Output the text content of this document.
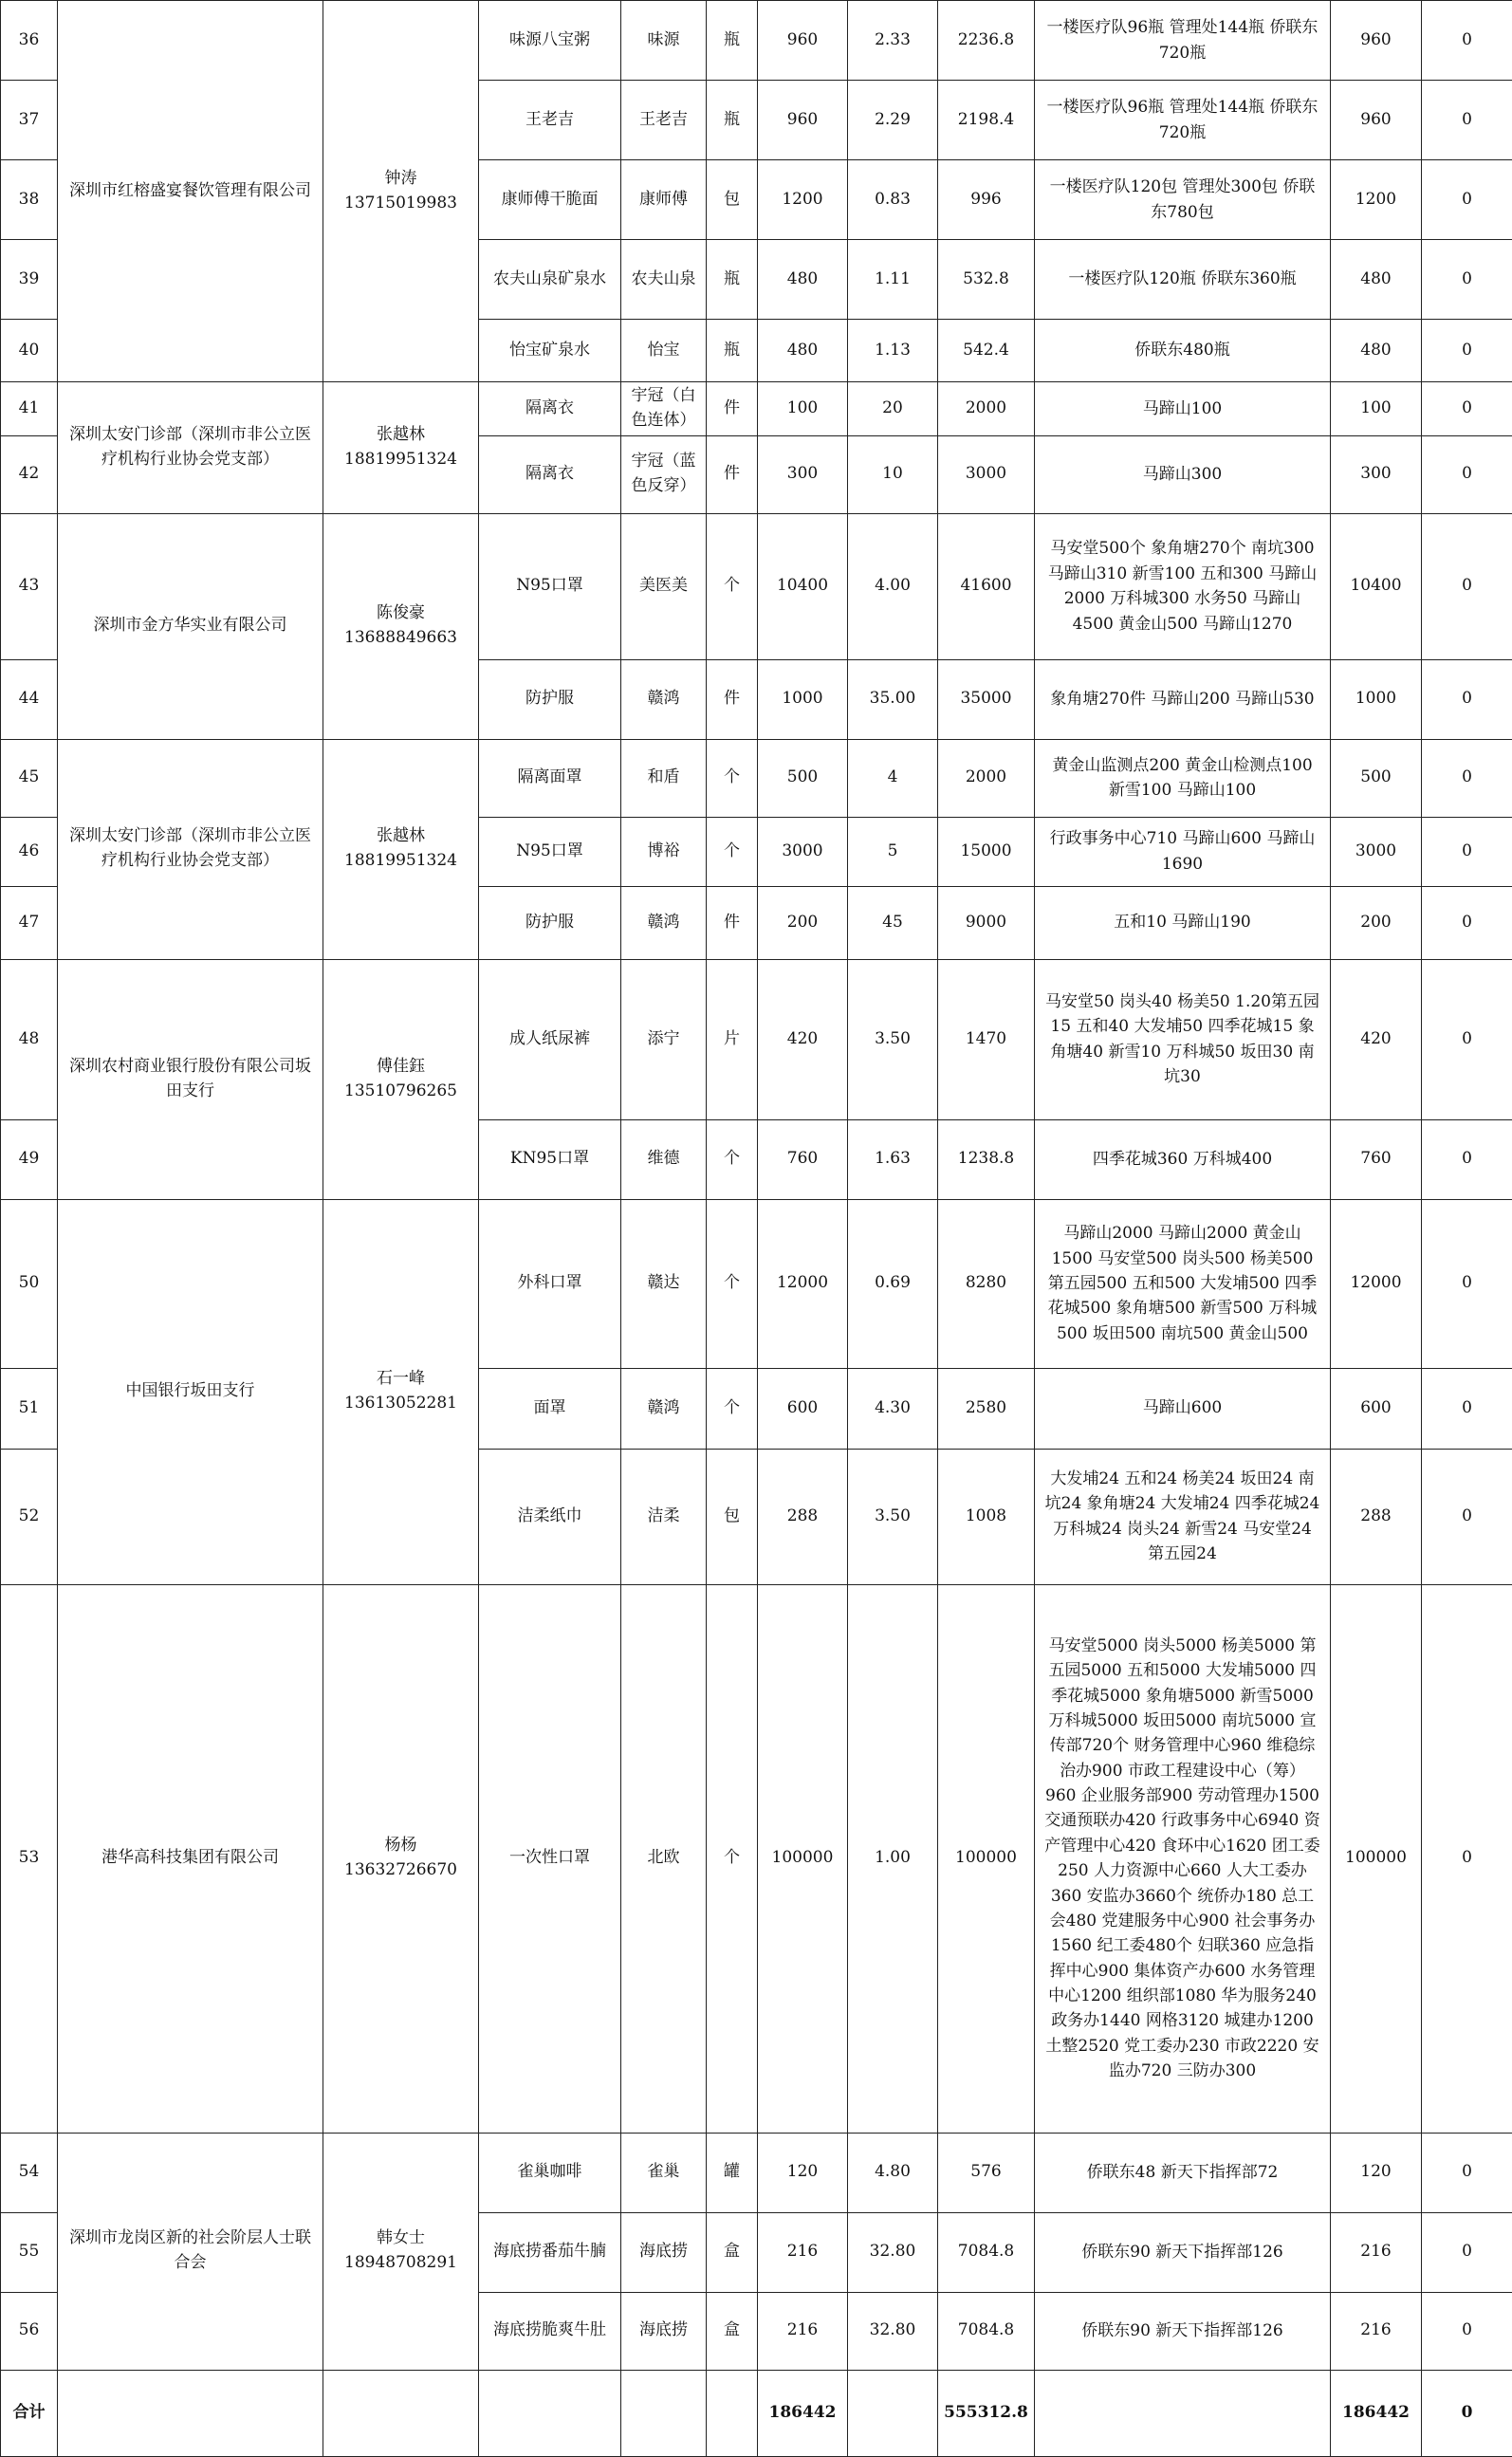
36	深圳市红榕盛宴餐饮管理有限公司	钟涛 13715019983	味源八宝粥	味源	瓶	960	2.33	2236.8	一楼医疗队96瓶 管理处144瓶 侨联东720瓶	960	0
37			王老吉	王老吉	瓶	960	2.29	2198.4	一楼医疗队96瓶 管理处144瓶 侨联东720瓶	960	0
38			康师傅干脆面	康师傅	包	1200	0.83	996	一楼医疗队120包 管理处300包 侨联东780包	1200	0
39			农夫山泉矿泉水	农夫山泉	瓶	480	1.11	532.8	一楼医疗队120瓶 侨联东360瓶	480	0
40			怡宝矿泉水	怡宝	瓶	480	1.13	542.4	侨联东480瓶	480	0
41	深圳太安门诊部（深圳市非公立医疗机构行业协会党支部）	张越林 18819951324	隔离衣	宇冠（白色连体）	件	100	20	2000	马蹄山100	100	0
42			隔离衣	宇冠（蓝色反穿）	件	300	10	3000	马蹄山300	300	0
43	深圳市金方华实业有限公司	陈俊豪 13688849663	N95口罩	美医美	个	10400	4.00	41600	马安堂500个 象角塘270个 南坑300马蹄山310 新雪100 五和300 马蹄山2000 万科城300 水务50 马蹄山4500 黄金山500 马蹄山1270	10400	0
44			防护服	赣鸿	件	1000	35.00	35000	象角塘270件 马蹄山200 马蹄山530	1000	0
45	深圳太安门诊部（深圳市非公立医疗机构行业协会党支部）	张越林 18819951324	隔离面罩	和盾	个	500	4	2000	黄金山监测点200 黄金山检测点100 新雪100 马蹄山100	500	0
46			N95口罩	博裕	个	3000	5	15000	行政事务中心710 马蹄山600 马蹄山1690	3000	0
47			防护服	赣鸿	件	200	45	9000	五和10 马蹄山190	200	0
48	深圳农村商业银行股份有限公司坂田支行	傅佳鈺 13510796265	成人纸尿裤	添宁	片	420	3.50	1470	马安堂50 岗头40 杨美50 1.20第五园15 五和40 大发埔50 四季花城15 象角塘40 新雪10 万科城50 坂田30 南坑30	420	0
49			KN95口罩	维德	个	760	1.63	1238.8	四季花城360 万科城400	760	0
50	中国银行坂田支行	石一峰 13613052281	外科口罩	赣达	个	12000	0.69	8280	马蹄山2000 马蹄山2000 黄金山1500 马安堂500 岗头500 杨美500 第五园500 五和500 大发埔500 四季花城500 象角塘500 新雪500 万科城500 坂田500 南坑500 黄金山500	12000	0
51			面罩	赣鸿	个	600	4.30	2580	马蹄山600	600	0
52			洁柔纸巾	洁柔	包	288	3.50	1008	大发埔24 五和24 杨美24 坂田24 南坑24 象角塘24 大发埔24 四季花城24 万科城24 岗头24 新雪24 马安堂24 第五园24	288	0
53	港华高科技集团有限公司	杨杨 13632726670	一次性口罩	北欧	个	100000	1.00	100000	马安堂5000 岗头5000 杨美5000 第五园5000 五和5000 大发埔5000 四季花城5000 象角塘5000 新雪5000 万科城5000 坂田5000 南坑5000 宣传部720个 财务管理中心960 维稳综治办900 市政工程建设中心（筹）960 企业服务部900 劳动管理办1500 交通预联办420 行政事务中心6940 资产管理中心420 食环中心1620 团工委250 人力资源中心660 人大工委办360 安监办3660个 统侨办180 总工会480 党建服务中心900 社会事务办1560 纪工委480个 妇联360 应急指挥中心900 集体资产办600 水务管理中心1200 组织部1080 华为服务240 政务办1440 网格3120 城建办1200 土整2520 党工委办230 市政2220 安监办720 三防办300	100000	0
54	深圳市龙岗区新的社会阶层人士联合会	韩女士 18948708291	雀巢咖啡	雀巢	罐	120	4.80	576	侨联东48 新天下指挥部72	120	0
55			海底捞番茄牛腩	海底捞	盒	216	32.80	7084.8	侨联东90 新天下指挥部126	216	0
56			海底捞脆爽牛肚	海底捞	盒	216	32.80	7084.8	侨联东90 新天下指挥部126	216	0
合计						186442		555312.8		186442	0
